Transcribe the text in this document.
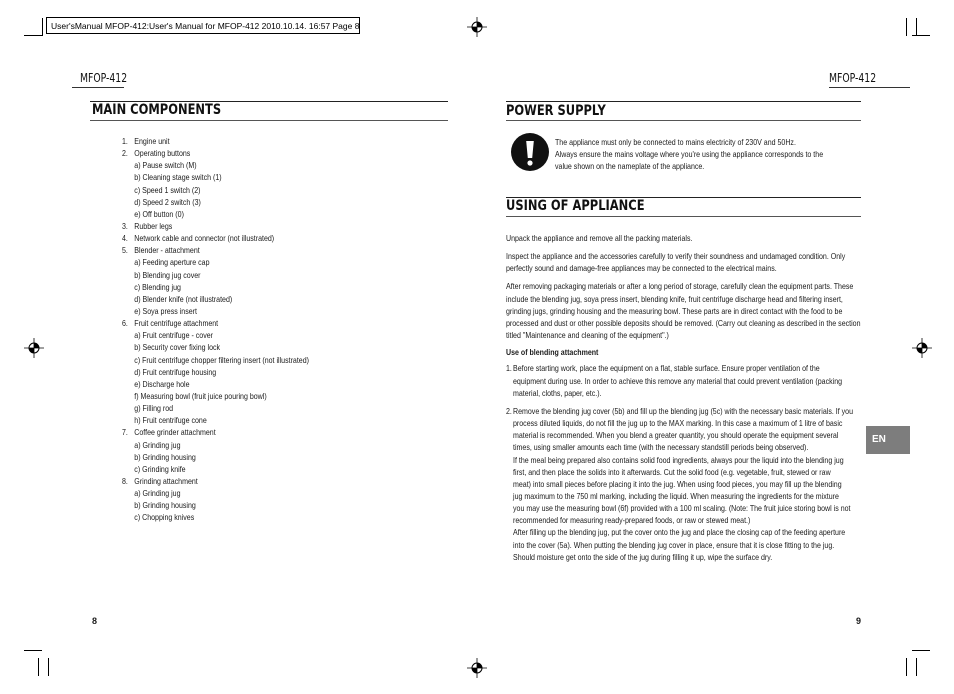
User'sManual MFOP-412:User's Manual for MFOP-412 2010.10.14. 16:57 Page 8
MFOP-412	MFOP-412
MAIN COMPONENTS
1. Engine unit
2. Operating buttons
a) Pause switch (M)
b) Cleaning stage switch (1)
c) Speed 1 switch (2)
d) Speed 2 switch (3)
e) Off button (0)
3. Rubber legs
4. Network cable and connector (not illustrated)
5. Blender - attachment
a) Feeding aperture cap
b) Blending jug cover
c) Blending jug
d) Blender knife (not illustrated)
e) Soya press insert
6. Fruit centrifuge attachment
a) Fruit centrifuge - cover
b) Security cover fixing lock
c) Fruit centrifuge chopper filtering insert (not illustrated)
d) Fruit centrifuge housing
e) Discharge hole
f) Measuring bowl (fruit juice pouring bowl)
g) Filling rod
h) Fruit centrifuge cone
7. Coffee grinder attachment
a) Grinding jug
b) Grinding housing
c) Grinding knife
8. Grinding attachment
a) Grinding jug
b) Grinding housing
c) Chopping knives
8
POWER SUPPLY
The appliance must only be connected to mains electricity of 230V and 50Hz.
Always ensure the mains voltage where you're using the appliance corresponds to the
value shown on the nameplate of the appliance.
USING OF APPLIANCE
Unpack the appliance and remove all the packing materials.
Inspect the appliance and the accessories carefully to verify their soundness and undamaged condition. Only
perfectly sound and damage-free appliances may be connected to the electrical mains.
After removing packaging materials or after a long period of storage, carefully clean the equipment parts. These
include the blending jug, soya press insert, blending knife, fruit centrifuge discharge head and filtering insert,
grinding jugs, grinding housing and the measuring bowl. These parts are in direct contact with the food to be
processed and dust or other possible deposits should be removed. (Carry out cleaning as described in the section
titled "Maintenance and cleaning of the equipment".)
Use of blending attachment
1. Before starting work, place the equipment on a flat, stable surface. Ensure proper ventilation of the
equipment during use. In order to achieve this remove any material that could prevent ventilation (packing
material, cloths, paper, etc.).
2. Remove the blending jug cover (5b) and fill up the blending jug (5c) with the necessary basic materials. If you
process diluted liquids, do not fill the jug up to the MAX marking. In this case a maximum of 1 litre of basic
material is recommended. When you blend a greater quantity, you should operate the equipment several
times, using smaller amounts each time (with the necessary standstill periods being observed).
If the meal being prepared also contains solid food ingredients, always pour the liquid into the blending jug
first, and then place the solids into it afterwards. Cut the solid food (e.g. vegetable, fruit, stewed or raw
meat) into small pieces before placing it into the jug. When using food pieces, you may fill up the blending
jug maximum to the 750 ml marking, including the liquid. When measuring the ingredients for the mixture
you may use the measuring bowl (6f) provided with a 100 ml scaling. (Note: The fruit juice storing bowl is not
recommended for measuring ready-prepared foods, or raw or stewed meat.)
After filling up the blending jug, put the cover onto the jug and place the closing cap of the feeding aperture
into the cover (5a). When putting the blending jug cover in place, ensure that it is close fitting to the jug.
Should moisture get onto the side of the jug during filling it up, wipe the surface dry.
EN
9
